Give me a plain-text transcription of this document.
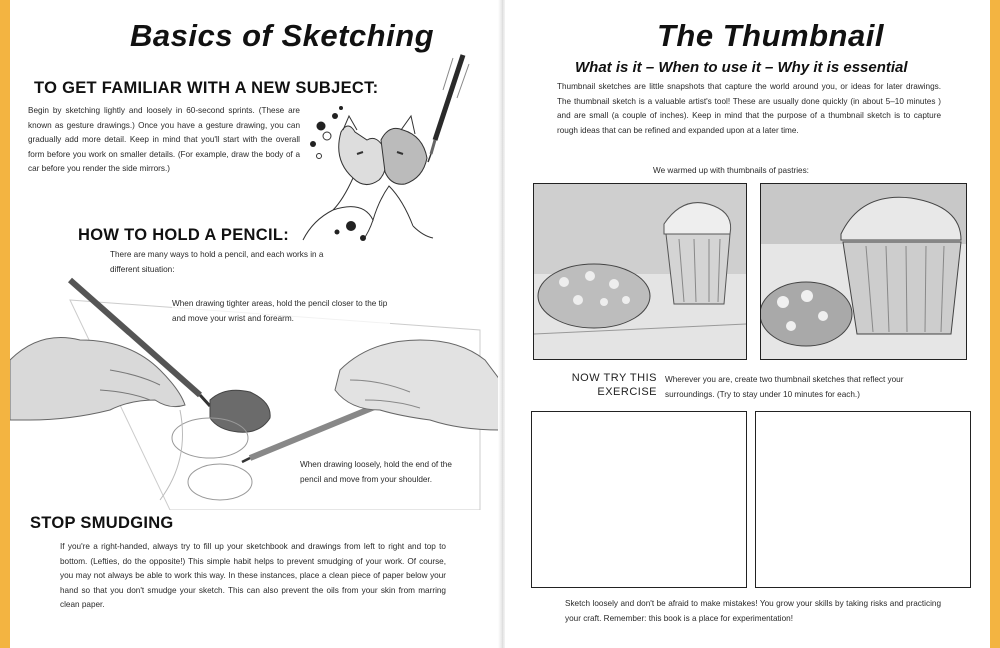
Basics of Sketching
TO GET FAMILIAR WITH A NEW SUBJECT:

Begin by sketching lightly and loosely in 60-second sprints. (These are known as gesture drawings.) Once you have a gesture drawing, you can gradually add more detail. Keep in mind that you'll start with the overall form before you work on smaller details. (For example, draw the body of a car before you render the side mirrors.)

HOW TO HOLD A PENCIL:

There are many ways to hold a pencil, and each works in a different situation:

When drawing tighter areas, hold the pencil closer to the tip and move your wrist and forearm.

When drawing loosely, hold the end of the pencil and move from your shoulder.

STOP SMUDGING

If you're a right-handed, always try to fill up your sketchbook and drawings from left to right and top to bottom. (Lefties, do the opposite!) This simple habit helps to prevent smudging of your work. Of course, you may not always be able to work this way. In these instances, place a clean piece of paper below your hand so that you don't smudge your sketch. This can also prevent the oils from your skin from marring clean paper.

The Thumbnail
What is it – When to use it – Why it is essential

Thumbnail sketches are little snapshots that capture the world around you, or ideas for later drawings. The thumbnail sketch is a valuable artist's tool! These are usually done quickly (in about 5–10 minutes ) and are small (a couple of inches). Keep in mind that the purpose of a thumbnail sketch is to capture rough ideas that can be refined and expanded upon at a later time.

We warmed up with thumbnails of pastries:

NOW TRY THIS
EXERCISE

Wherever you are, create two thumbnail sketches that reflect your surroundings. (Try to stay under 10 minutes for each.)

Sketch loosely and don't be afraid to make mistakes! You grow your skills by taking risks and practicing your craft. Remember: this book is a place for experimentation!
